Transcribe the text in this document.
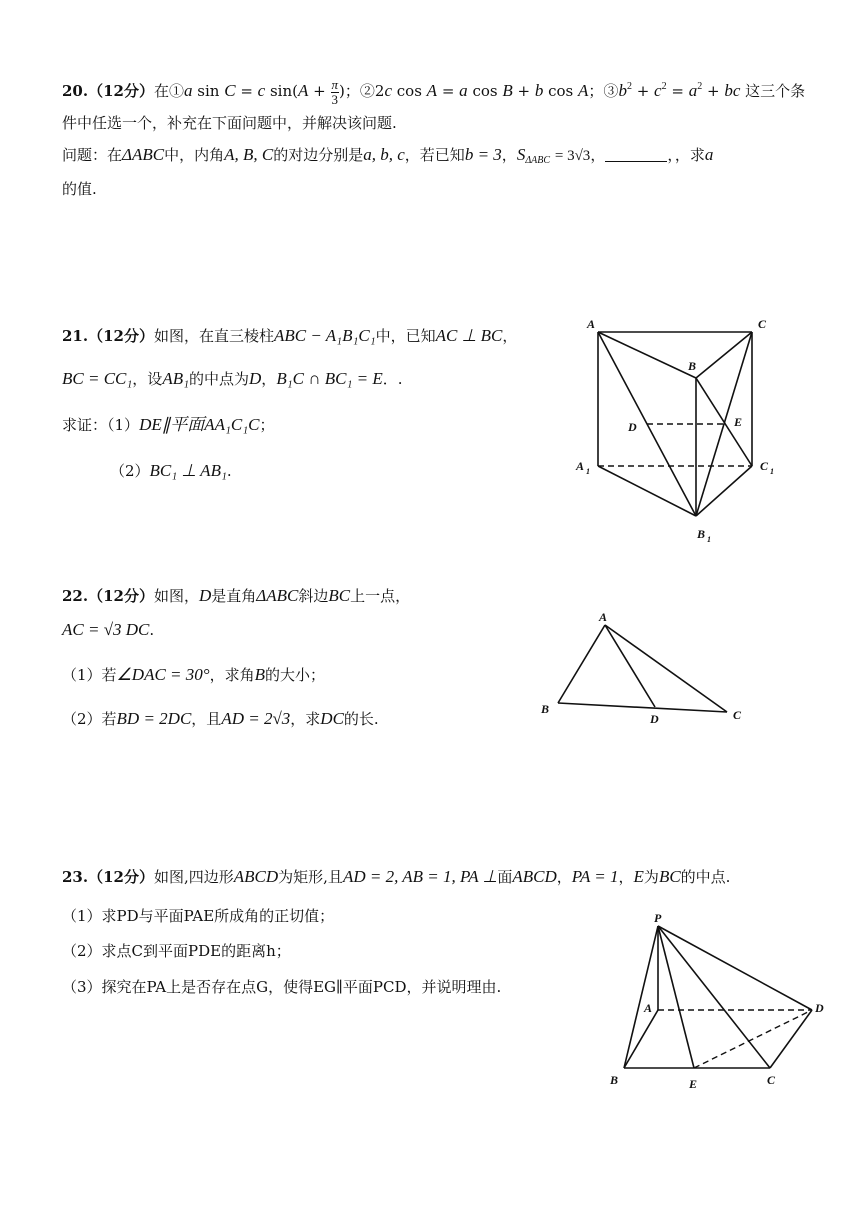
20.（12分）在①a sin C = c $\sin(A + \frac{\pi}{3}$ )；②2c cos A = a cos B + b cos A；$③b^2 + c^2 = a^2$ + bc 这三个条
件中任选一个，补充在下面问题中，并解决该问题.
问题：在ΔABC中，内角A, B, C的对边分别是a, b, c，若已知b = 3，$S_{\Delta ABC} = 3√3$，	，，求a
的值.
21.（12分）如图，在直三棱柱ABC − A₁B₁C₁中，已知AC ⊥ BC，
BC = CC₁，设AB₁的中点为D，B₁C ∩ BC₁ = E．.
求证：（1）DE∥平面AA₁C₁C；
（2）BC₁ ⊥ AB₁.
A	C
B
D	E
A 1	C 1
B 1
22.（12分）如图，D是直角ΔABC斜边BC上一点，
AC = √3 DC.
（1）若∠DAC = 30°，求角B的大小；
（2）若BD = 2DC，且AD = 2√3，求DC的长.
A
B
D	C
23.（12分）如图,四边形ABCD为矩形,且AD = 2, AB = 1, PA ⊥面ABCD，PA = 1，E为BC的中点.
（1）求PD与平面PAE所成角的正切值；
（2）求点C到平面PDE的距离h；
（3）探究在PA上是否存在点G，使得EG∥平面PCD，并说明理由.
P
A	D
B	E	C
